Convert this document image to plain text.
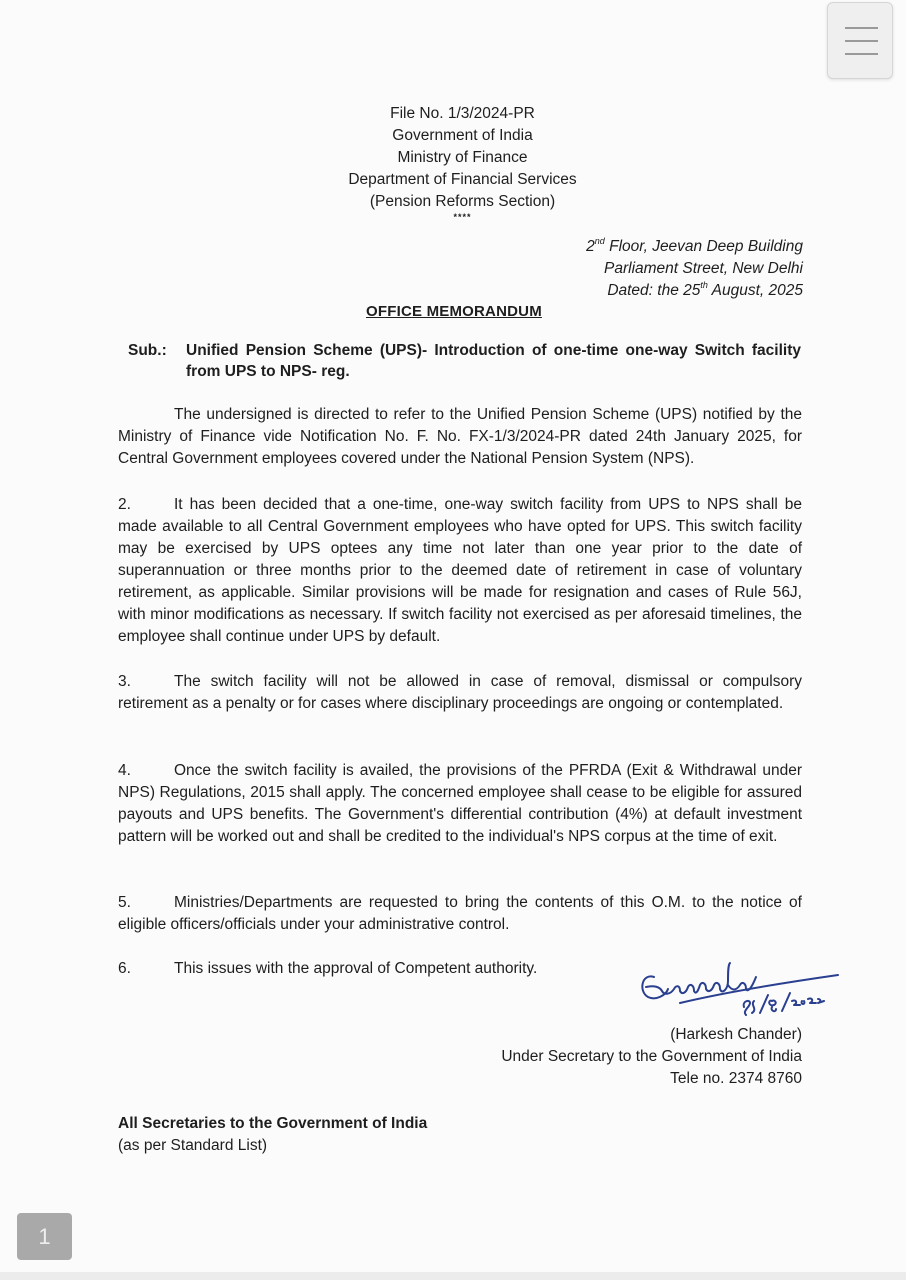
File No. 1/3/2024-PR
Government of India
Ministry of Finance
Department of Financial Services
(Pension Reforms Section)
****
2nd Floor, Jeevan Deep Building
Parliament Street, New Delhi
Dated: the 25th August, 2025
OFFICE MEMORANDUM
Sub.: Unified Pension Scheme (UPS)- Introduction of one-time one-way Switch facility from UPS to NPS- reg.
The undersigned is directed to refer to the Unified Pension Scheme (UPS) notified by the Ministry of Finance vide Notification No. F. No. FX-1/3/2024-PR dated 24th January 2025, for Central Government employees covered under the National Pension System (NPS).
2.	It has been decided that a one-time, one-way switch facility from UPS to NPS shall be made available to all Central Government employees who have opted for UPS. This switch facility may be exercised by UPS optees any time not later than one year prior to the date of superannuation or three months prior to the deemed date of retirement in case of voluntary retirement, as applicable. Similar provisions will be made for resignation and cases of Rule 56J, with minor modifications as necessary. If switch facility not exercised as per aforesaid timelines, the employee shall continue under UPS by default.
3.	The switch facility will not be allowed in case of removal, dismissal or compulsory retirement as a penalty or for cases where disciplinary proceedings are ongoing or contemplated.
4.	Once the switch facility is availed, the provisions of the PFRDA (Exit & Withdrawal under NPS) Regulations, 2015 shall apply. The concerned employee shall cease to be eligible for assured payouts and UPS benefits. The Government's differential contribution (4%) at default investment pattern will be worked out and shall be credited to the individual's NPS corpus at the time of exit.
5.	Ministries/Departments are requested to bring the contents of this O.M. to the notice of eligible officers/officials under your administrative control.
6.	This issues with the approval of Competent authority.
(Harkesh Chander)
Under Secretary to the Government of India
Tele no. 2374 8760
All Secretaries to the Government of India
(as per Standard List)
1
